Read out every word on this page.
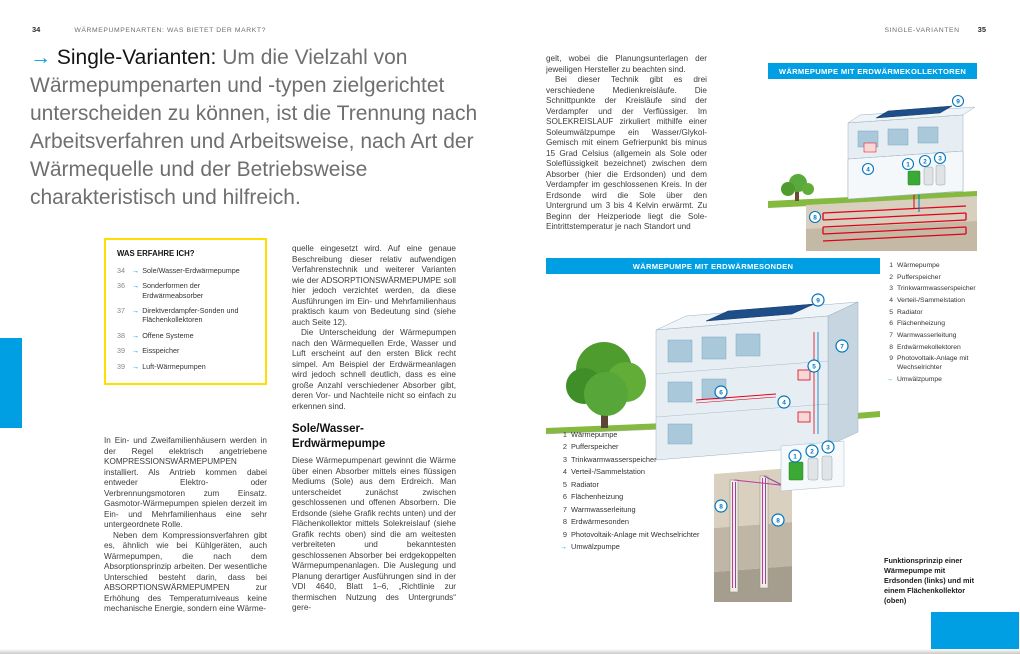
34	WÄRMEPUMPENARTEN: WAS BIETET DER MARKT?	SINGLE-VARIANTEN 35
→ Single-Varianten: Um die Vielzahl von Wärmepumpenarten und -typen zielgerichtet unterscheiden zu können, ist die Trennung nach Arbeitsverfahren und Arbeitsweise, nach Art der Wärmequelle und der Betriebsweise charakteristisch und hilfreich.
WAS ERFAHRE ICH?
34 → Sole/Wasser-Erdwärmepumpe
36 → Sonderformen der Erdwärmeabsorber
37 → Direktverdampfer-Sonden und Flächenkollektoren
38 → Offene Systeme
39 → Eisspeicher
39 → Luft-Wärmepumpen

In Ein- und Zweifamilienhäusern werden in der Regel elektrisch angetriebene KOMPRESSIONSWÄRMEPUMPEN installiert. Als Antrieb kommen dabei entweder Elektro- oder Verbrennungsmotoren zum Einsatz. Gasmotor-Wärmepumpen spielen derzeit im Ein- und Mehrfamilienhaus eine sehr untergeordnete Rolle.

Neben dem Kompressionsverfahren gibt es, ähnlich wie bei Kühlgeräten, auch Wärmepumpen, die nach dem Absorptionsprinzip arbeiten. Der wesentliche Unterschied besteht darin, dass bei ABSORPTIONSWÄRMEPUMPEN zur Erhöhung des Temperaturniveaus keine mechanische Energie, sondern eine Wärme-

quelle eingesetzt wird. Auf eine genaue Beschreibung dieser relativ aufwendigen Verfahrenstechnik und weiterer Varianten wie der ADSORPTIONSWÄRMEPUMPE soll hier jedoch verzichtet werden, da diese Ausführungen im Ein- und Mehrfamilienhaus praktisch kaum von Bedeutung sind (siehe auch Seite 12).

Die Unterscheidung der Wärmepumpen nach den Wärmequellen Erde, Wasser und Luft erscheint auf den ersten Blick recht simpel. Am Beispiel der Erdwärmeanlagen wird jedoch schnell deutlich, dass es eine große Anzahl verschiedener Absorber gibt, deren Vor- und Nachteile nicht so einfach zu erkennen sind.

Sole/Wasser-Erdwärmepumpe

Diese Wärmepumpenart gewinnt die Wärme über einen Absorber mittels eines flüssigen Mediums (Sole) aus dem Erdreich. Man unterscheidet zunächst zwischen geschlossenen und offenen Absorbern. Die Erdsonde (siehe Grafik rechts unten) und der Flächenkollektor mittels Solekreislauf (siehe Grafik rechts oben) sind die am weitesten verbreiteten und bekanntesten geschlossenen Absorber bei erdgekoppelten Wärmepumpenanlagen. Die Auslegung und Planung derartiger Ausführungen sind in der VDI 4640, Blatt 1–6, „Richtlinie zur thermischen Nutzung des Untergrunds“ gere-

gelt, wobei die Planungsunterlagen der jeweiligen Hersteller zu beachten sind.

Bei dieser Technik gibt es drei verschiedene Medienkreisläufe. Die Schnittpunkte der Kreisläufe sind der Verdampfer und der Verflüssiger. Im SOLEKREISLAUF zirkuliert mithilfe einer Soleumwälzpumpe ein Wasser/Glykol-Gemisch mit einem Gefrierpunkt bis minus 15 Grad Celsius (allgemein als Sole oder Soleflüssigkeit bezeichnet) zwischen dem Absorber (hier die Erdsonden) und dem Verdampfer im geschlossenen Kreis. In der Erdsonde wird die Sole über den Untergrund um 3 bis 4 Kelvin erwärmt. Zu Beginn der Heizperiode liegt die Sole-Eintrittstemperatur je nach Standort und

WÄRMEPUMPE MIT ERDWÄRMEKOLLEKTOREN
9
4
1 2 3
8
1 Wärmepumpe
2 Pufferspeicher
3 Trinkwarmwasserspeicher
4 Verteil-/Sammelstation
5 Radiator
6 Flächenheizung
7 Warmwasserleitung
8 Erdwärmekollektoren
9 Photovoltaik-Anlage mit Wechselrichter
→ Umwälzpumpe
WÄRMEPUMPE MIT ERDWÄRMESONDEN
9
7
5
6
4
1
2
3
8
8
1 Wärmepumpe
2 Pufferspeicher
3 Trinkwarmwasserspeicher
4 Verteil-/Sammelstation
5 Radiator
6 Flächenheizung
7 Warmwasserleitung
8 Erdwärmesonden
9 Photovoltaik-Anlage mit Wechselrichter
→ Umwälzpumpe
Funktionsprinzip einer Wärmepumpe mit Erdsonden (links) und mit einem Flächenkollektor (oben)
